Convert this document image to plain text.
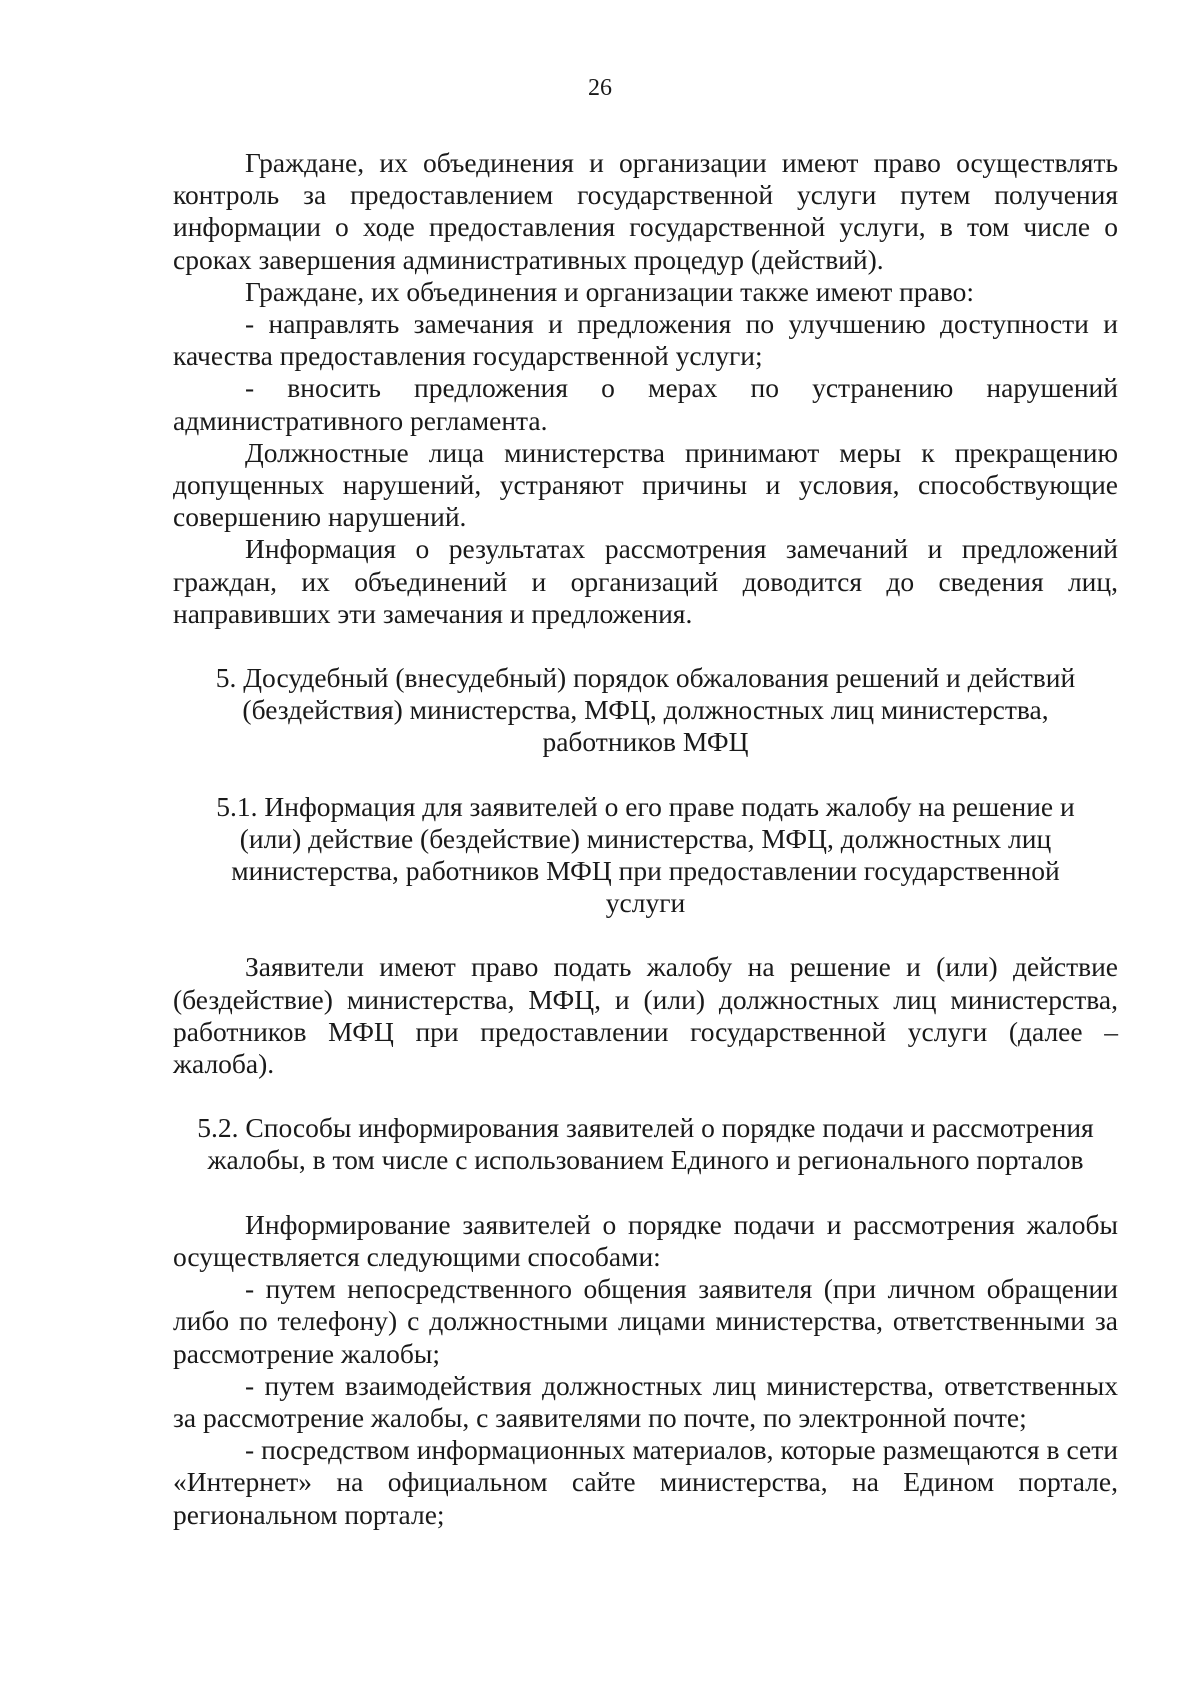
26

Граждане, их объединения и организации имеют право осуществлять контроль за предоставлением государственной услуги путем получения информации о ходе предоставления государственной услуги, в том числе о сроках завершения административных процедур (действий).

Граждане, их объединения и организации также имеют право:

- направлять замечания и предложения по улучшению доступности и качества предоставления государственной услуги;

- вносить предложения о мерах по устранению нарушений административного регламента.

Должностные лица министерства принимают меры к прекращению допущенных нарушений, устраняют причины и условия, способствующие совершению нарушений.

Информация о результатах рассмотрения замечаний и предложений граждан, их объединений и организаций доводится до сведения лиц, направивших эти замечания и предложения.

5. Досудебный (внесудебный) порядок обжалования решений и действий

(бездействия) министерства, МФЦ, должностных лиц министерства,

работников МФЦ

5.1. Информация для заявителей о его праве подать жалобу на решение и

(или) действие (бездействие) министерства, МФЦ, должностных лиц

министерства, работников МФЦ при предоставлении государственной

услуги

Заявители имеют право подать жалобу на решение и (или) действие (бездействие) министерства, МФЦ, и (или) должностных лиц министерства, работников МФЦ при предоставлении государственной услуги (далее – жалоба).

5.2. Способы информирования заявителей о порядке подачи и рассмотрения

жалобы, в том числе с использованием Единого и регионального порталов

Информирование заявителей о порядке подачи и рассмотрения жалобы осуществляется следующими способами:

- путем непосредственного общения заявителя (при личном обращении либо по телефону) с должностными лицами министерства, ответственными за рассмотрение жалобы;

- путем взаимодействия должностных лиц министерства, ответственных за рассмотрение жалобы, с заявителями по почте, по электронной почте;

- посредством информационных материалов, которые размещаются в сети «Интернет» на официальном сайте министерства, на Едином портале, региональном портале;
